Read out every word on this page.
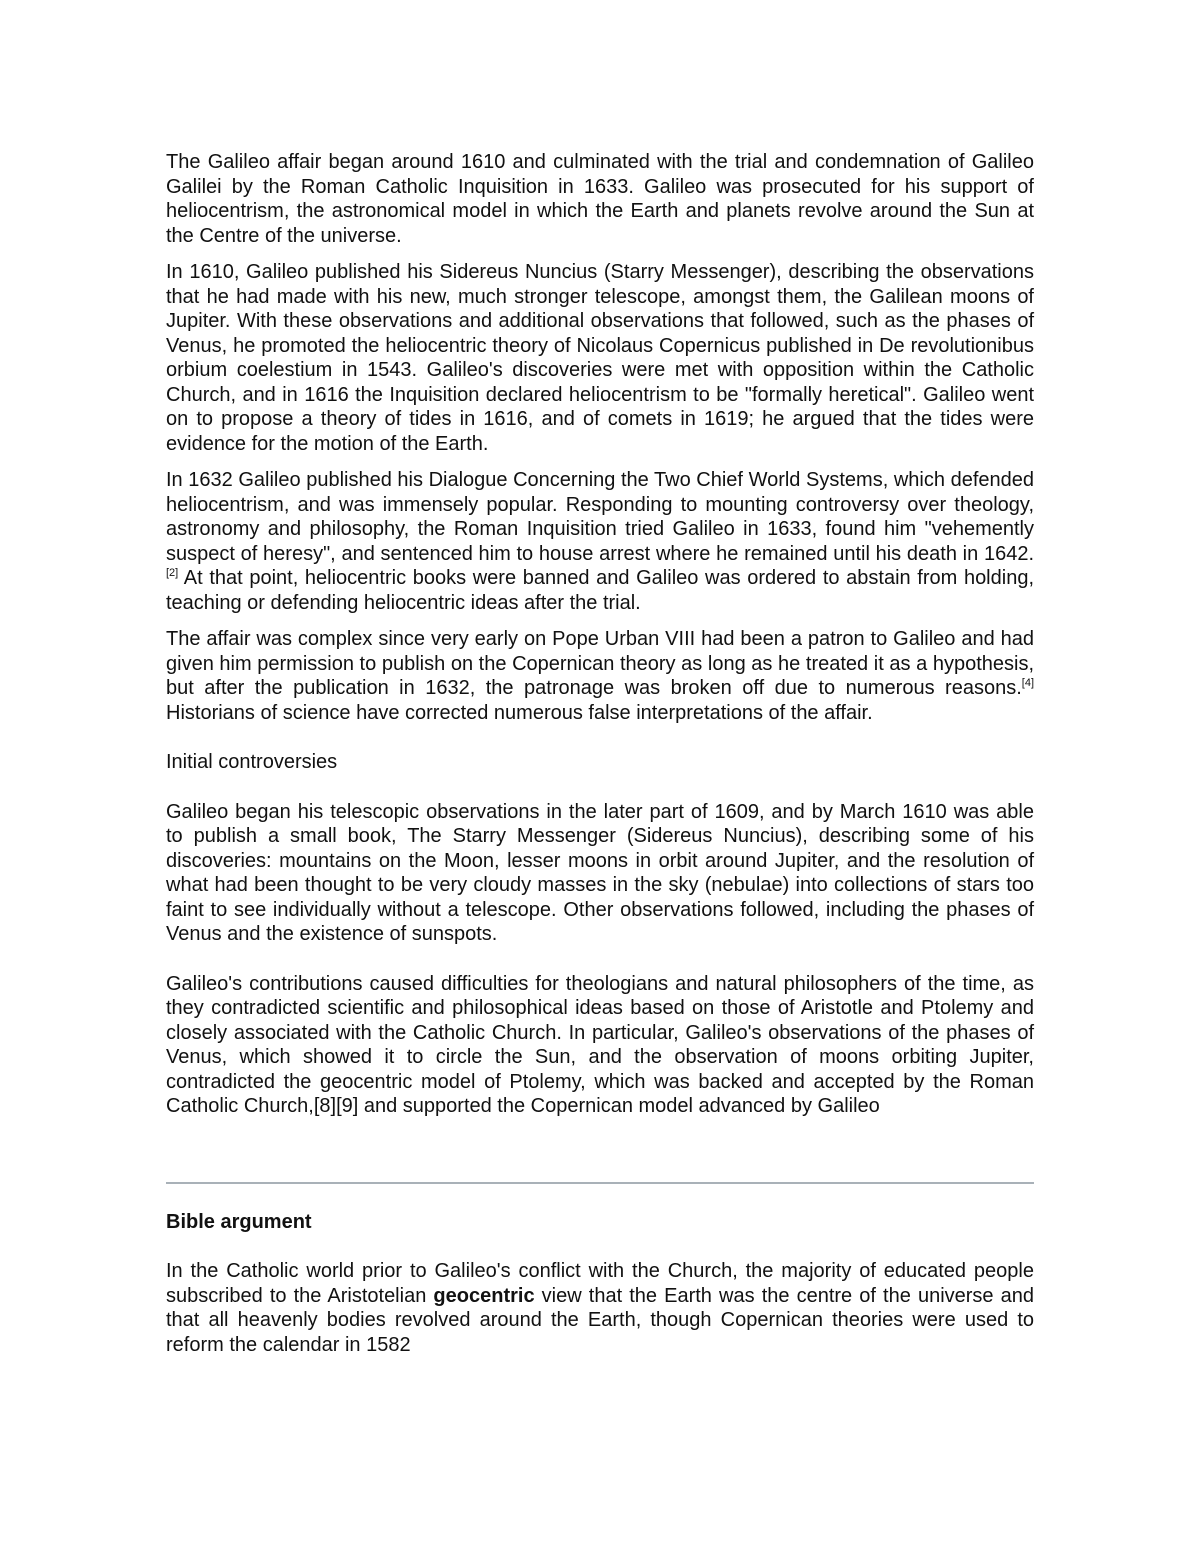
The Galileo affair began around 1610 and culminated with the trial and condemnation of Galileo Galilei by the Roman Catholic Inquisition in 1633. Galileo was prosecuted for his support of heliocentrism, the astronomical model in which the Earth and planets revolve around the Sun at the Centre of the universe.

In 1610, Galileo published his Sidereus Nuncius (Starry Messenger), describing the observations that he had made with his new, much stronger telescope, amongst them, the Galilean moons of Jupiter. With these observations and additional observations that followed, such as the phases of Venus, he promoted the heliocentric theory of Nicolaus Copernicus published in De revolutionibus orbium coelestium in 1543. Galileo's discoveries were met with opposition within the Catholic Church, and in 1616 the Inquisition declared heliocentrism to be "formally heretical". Galileo went on to propose a theory of tides in 1616, and of comets in 1619; he argued that the tides were evidence for the motion of the Earth.

In 1632 Galileo published his Dialogue Concerning the Two Chief World Systems, which defended heliocentrism, and was immensely popular. Responding to mounting controversy over theology, astronomy and philosophy, the Roman Inquisition tried Galileo in 1633, found him "vehemently suspect of heresy", and sentenced him to house arrest where he remained until his death in 1642.[2] At that point, heliocentric books were banned and Galileo was ordered to abstain from holding, teaching or defending heliocentric ideas after the trial.

The affair was complex since very early on Pope Urban VIII had been a patron to Galileo and had given him permission to publish on the Copernican theory as long as he treated it as a hypothesis, but after the publication in 1632, the patronage was broken off due to numerous reasons.[4] Historians of science have corrected numerous false interpretations of the affair.

Initial controversies

Galileo began his telescopic observations in the later part of 1609, and by March 1610 was able to publish a small book, The Starry Messenger (Sidereus Nuncius), describing some of his discoveries: mountains on the Moon, lesser moons in orbit around Jupiter, and the resolution of what had been thought to be very cloudy masses in the sky (nebulae) into collections of stars too faint to see individually without a telescope. Other observations followed, including the phases of Venus and the existence of sunspots.

Galileo's contributions caused difficulties for theologians and natural philosophers of the time, as they contradicted scientific and philosophical ideas based on those of Aristotle and Ptolemy and closely associated with the Catholic Church. In particular, Galileo's observations of the phases of Venus, which showed it to circle the Sun, and the observation of moons orbiting Jupiter, contradicted the geocentric model of Ptolemy, which was backed and accepted by the Roman Catholic Church,[8][9] and supported the Copernican model advanced by Galileo

Bible argument

In the Catholic world prior to Galileo's conflict with the Church, the majority of educated people subscribed to the Aristotelian geocentric view that the Earth was the centre of the universe and that all heavenly bodies revolved around the Earth, though Copernican theories were used to reform the calendar in 1582
